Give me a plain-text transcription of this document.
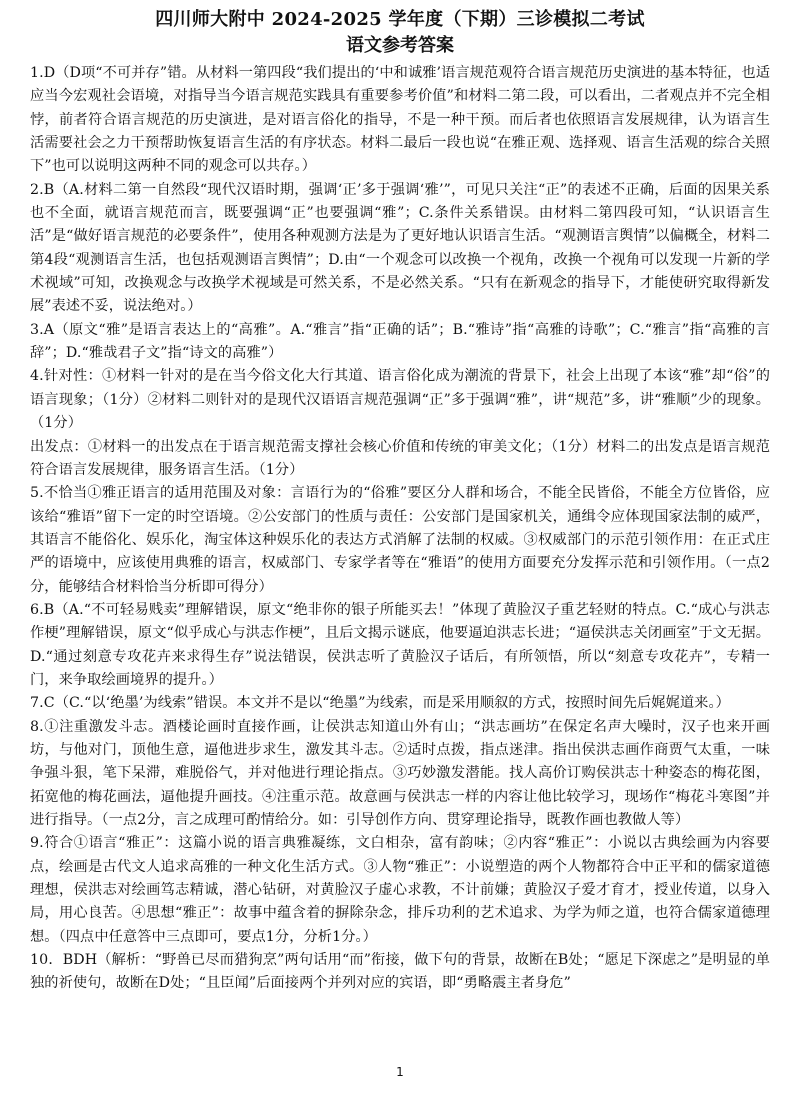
四川师大附中 2024-2025 学年度（下期）三诊模拟二考试
语文参考答案

1.D（D项“不可并存”错。从材料一第四段“我们提出的‘中和诚雅’语言规范观符合语言规范历史演进的基本特征，也适应当今宏观社会语境，对指导当今语言规范实践具有重要参考价值”和材料二第二段，可以看出，二者观点并不完全相悖，前者符合语言规范的历史演进，是对语言俗化的指导，不是一种干预。而后者也依照语言发展规律，认为语言生活需要社会之力干预帮助恢复语言生活的有序状态。材料二最后一段也说“在雅正观、选择观、语言生活观的综合关照下”也可以说明这两种不同的观念可以共存。）

2.B（A.材料二第一自然段“现代汉语时期，强调‘正’多于强调‘雅’”，可见只关注“正”的表述不正确，后面的因果关系也不全面，就语言规范而言，既要强调“正”也要强调“雅”；C.条件关系错误。由材料二第四段可知，“认识语言生活”是“做好语言规范的必要条件”，使用各种观测方法是为了更好地认识语言生活。“观测语言舆情”以偏概全，材料二第4段“观测语言生活，也包括观测语言舆情”；D.由“一个观念可以改换一个视角，改换一个视角可以发现一片新的学术视域”可知，改换观念与改换学术视域是可然关系，不是必然关系。“只有在新观念的指导下，才能使研究取得新发展”表述不妥，说法绝对。）

3.A（原文“雅”是语言表达上的“高雅”。A.“雅言”指“正确的话”；B.“雅诗”指“高雅的诗歌”；C.“雅言”指“高雅的言辞”；D.“雅哉君子文”指“诗文的高雅”）

4.针对性：①材料一针对的是在当今俗文化大行其道、语言俗化成为潮流的背景下，社会上出现了本该“雅”却“俗”的语言现象；（1分）②材料二则针对的是现代汉语语言规范强调“正”多于强调“雅”，讲“规范”多，讲“雅顺”少的现象。（1分）

出发点：①材料一的出发点在于语言规范需支撑社会核心价值和传统的审美文化；（1分）材料二的出发点是语言规范符合语言发展规律，服务语言生活。（1分）

5.不恰当①雅正语言的适用范围及对象：言语行为的“俗雅”要区分人群和场合，不能全民皆俗，不能全方位皆俗，应该给“雅语”留下一定的时空语境。②公安部门的性质与责任：公安部门是国家机关，通缉令应体现国家法制的威严，其语言不能俗化、娱乐化，淘宝体这种娱乐化的表达方式消解了法制的权威。③权威部门的示范引领作用：在正式庄严的语境中，应该使用典雅的语言，权威部门、专家学者等在“雅语”的使用方面要充分发挥示范和引领作用。（一点2分，能够结合材料恰当分析即可得分）

6.B（A.“不可轻易贱卖”理解错误，原文“绝非你的银子所能买去！”体现了黄脸汉子重艺轻财的特点。C.“成心与洪志作梗”理解错误，原文“似乎成心与洪志作梗”，且后文揭示谜底，他要逼迫洪志长进；“逼侯洪志关闭画室”于文无据。D.“通过刻意专攻花卉来求得生存”说法错误，侯洪志听了黄脸汉子话后，有所领悟，所以“刻意专攻花卉”，专精一门，来争取绘画境界的提升。）

7.C（C.“以‘绝墨’为线索”错误。本文并不是以“绝墨”为线索，而是采用顺叙的方式，按照时间先后娓娓道来。）

8.①注重激发斗志。酒楼论画时直接作画，让侯洪志知道山外有山；“洪志画坊”在保定名声大噪时，汉子也来开画坊，与他对门，顶他生意，逼他进步求生，激发其斗志。②适时点拨，指点迷津。指出侯洪志画作商贾气太重，一味争强斗狠，笔下呆滞，难脱俗气，并对他进行理论指点。③巧妙激发潜能。找人高价订购侯洪志十种姿态的梅花图，拓宽他的梅花画法，逼他提升画技。④注重示范。故意画与侯洪志一样的内容让他比较学习，现场作“梅花斗寒图”并进行指导。（一点2分，言之成理可酌情给分。如：引导创作方向、贯穿理论指导，既教作画也教做人等）

9.符合①语言“雅正”：这篇小说的语言典雅凝练，文白相杂，富有韵味；②内容“雅正”：小说以古典绘画为内容要点，绘画是古代文人追求高雅的一种文化生活方式。③人物“雅正”：小说塑造的两个人物都符合中正平和的儒家道德理想，侯洪志对绘画笃志精诚，潜心钻研，对黄脸汉子虚心求教，不计前嫌；黄脸汉子爱才育才，授业传道，以身入局，用心良苦。④思想“雅正”：故事中蕴含着的摒除杂念，排斥功利的艺术追求、为学为师之道，也符合儒家道德理想。（四点中任意答中三点即可，要点1分，分析1分。）

10．BDH（解析：“野兽已尽而猎狗烹”两句话用“而”衔接，做下句的背景，故断在B处；“愿足下深虑之”是明显的单独的祈使句，故断在D处；“且臣闻”后面接两个并列对应的宾语，即“勇略震主者身危”

1
